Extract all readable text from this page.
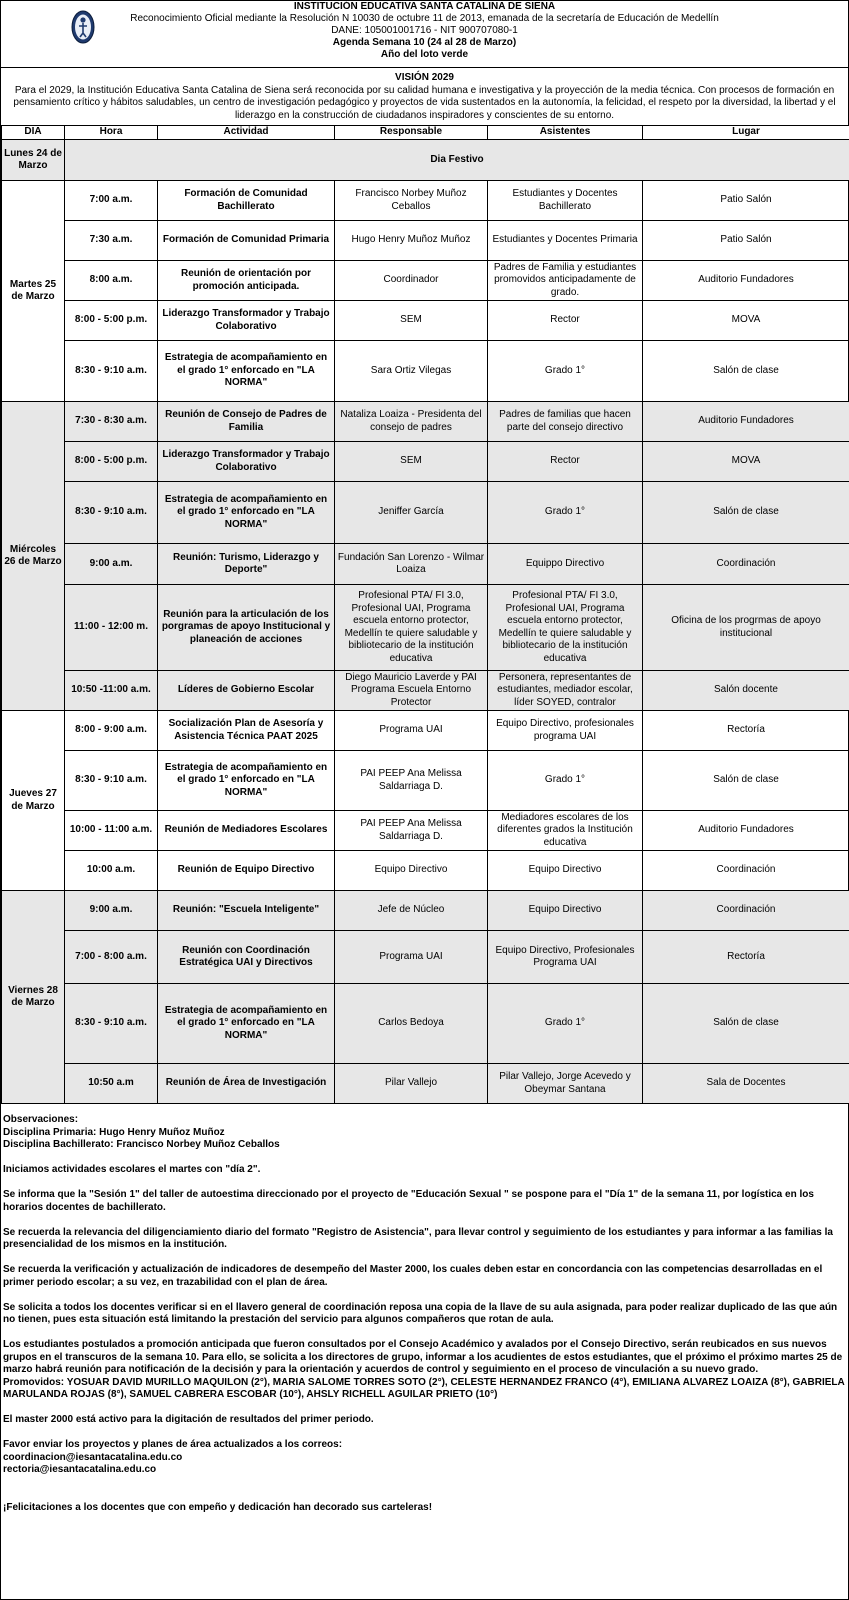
INSTITUCIÓN EDUCATIVA SANTA CATALINA DE SIENA
Reconocimiento Oficial mediante la Resolución N 10030 de octubre 11 de 2013, emanada de la secretaría de Educación de Medellín
DANE: 105001001716 - NIT 900707080-1
Agenda Semana 10 (24 al 28 de Marzo)
Año del loto verde
VISIÓN 2029
Para el 2029, la Institución Educativa Santa Catalina de Siena será reconocida por su calidad humana e investigativa y la proyección de la media técnica. Con procesos de formación en pensamiento crítico y hábitos saludables, un centro de investigación pedagógico y proyectos de vida sustentados en la autonomía, la felicidad, el respeto por la diversidad, la libertad y el liderazgo en la construcción de ciudadanos inspiradores y conscientes de su entorno.
DIA	Hora	Actividad	Responsable	Asistentes	Lugar
Lunes 24 de Marzo	Dia Festivo				
Martes 25 de Marzo	7:00 a.m.	Formación de Comunidad Bachillerato	Francisco Norbey Muñoz Ceballos	Estudiantes y Docentes Bachillerato	Patio Salón
	7:30 a.m.	Formación de Comunidad Primaria	Hugo Henry Muñoz Muñoz	Estudiantes y Docentes Primaria	Patio Salón
	8:00 a.m.	Reunión de orientación por promoción anticipada.	Coordinador	Padres de Familia y estudiantes promovidos anticipadamente de grado.	Auditorio Fundadores
	8:00 - 5:00 p.m.	Liderazgo Transformador y Trabajo Colaborativo	SEM	Rector	MOVA
	8:30 - 9:10 a.m.	Estrategia de acompañamiento en el grado 1° enforcado en "LA NORMA"	Sara Ortiz Vilegas	Grado 1°	Salón de clase
Miércoles 26 de Marzo	7:30 - 8:30 a.m.	Reunión de Consejo de Padres de Familia	Nataliza Loaiza - Presidenta del consejo de padres	Padres de familias que hacen parte del consejo directivo	Auditorio Fundadores
	8:00 - 5:00 p.m.	Liderazgo Transformador y Trabajo Colaborativo	SEM	Rector	MOVA
	8:30 - 9:10 a.m.	Estrategia de acompañamiento en el grado 1° enforcado en "LA NORMA"	Jeniffer García	Grado 1°	Salón de clase
	9:00 a.m.	Reunión: Turismo, Liderazgo y Deporte"	Fundación San Lorenzo - Wilmar Loaiza	Equippo Directivo	Coordinación
	11:00 - 12:00 m.	Reunión para la articulación de los porgramas de apoyo Institucional y planeación de acciones	Profesional PTA/ FI 3.0, Profesional UAI, Programa escuela entorno protector, Medellín te quiere saludable y bibliotecario de la institución educativa	Profesional PTA/ FI 3.0, Profesional UAI, Programa escuela entorno protector, Medellín te quiere saludable y bibliotecario de la institución educativa	Oficina de los progrmas de apoyo institucional
	10:50 -11:00 a.m.	Líderes de Gobierno Escolar	Diego Mauricio Laverde y PAI Programa Escuela Entorno Protector	Personera, representantes de estudiantes, mediador escolar, líder SOYED, contralor	Salón docente
Jueves 27 de Marzo	8:00 - 9:00 a.m.	Socialización Plan de Asesoría y Asistencia Técnica PAAT 2025	Programa UAI	Equipo Directivo, profesionales programa UAI	Rectoría
	8:30 - 9:10 a.m.	Estrategia de acompañamiento en el grado 1° enforcado en "LA NORMA"	PAI PEEP Ana Melissa Saldarriaga D.	Grado 1°	Salón de clase
	10:00 - 11:00 a.m.	Reunión de Mediadores Escolares	PAI PEEP Ana Melissa Saldarriaga D.	Mediadores escolares de los diferentes grados la Institución educativa	Auditorio Fundadores
	10:00 a.m.	Reunión de Equipo Directivo	Equipo Directivo	Equipo Directivo	Coordinación
Viernes 28 de Marzo	9:00 a.m.	Reunión: "Escuela Inteligente"	Jefe de Núcleo	Equipo Directivo	Coordinación
	7:00 - 8:00 a.m.	Reunión con Coordinación Estratégica UAI y Directivos	Programa UAI	Equipo Directivo, Profesionales Programa UAI	Rectoría
	8:30 - 9:10 a.m.	Estrategia de acompañamiento en el grado 1° enforcado en "LA NORMA"	Carlos Bedoya	Grado 1°	Salón de clase
	10:50 a.m	Reunión de Área de Investigación	Pilar Vallejo	Pilar Vallejo, Jorge Acevedo y Obeymar Santana	Sala de Docentes

Observaciones:

Disciplina Primaria: Hugo Henry Muñoz Muñoz

Disciplina Bachillerato: Francisco Norbey Muñoz Ceballos

Iniciamos actividades escolares el martes con "día 2".

Se informa que la "Sesión 1" del taller de autoestima direccionado por el proyecto de "Educación Sexual " se pospone para el "Día 1" de la semana 11, por logística en los horarios docentes de bachillerato.

Se recuerda la relevancia del diligenciamiento diario del formato "Registro de Asistencia", para llevar control y seguimiento de los estudiantes y para informar a las familias la presencialidad de los mismos en la institución.

Se recuerda la verificación y actualización de indicadores de desempeño del Master 2000, los cuales deben estar en concordancia con las competencias desarrolladas en el primer periodo escolar; a su vez, en trazabilidad con el plan de área.

Se solicita a todos los docentes verificar si en el llavero general de coordinación reposa una copia de la llave de su aula asignada, para poder realizar duplicado de las que aún no tienen, pues esta situación está limitando la prestación del servicio para algunos compañeros que rotan de aula.

Los estudiantes postulados a promoción anticipada que fueron consultados por el Consejo Académico y avalados por el Consejo Directivo, serán reubicados en sus nuevos grupos en el transcuros de la semana 10. Para ello, se solicita a los directores de grupo, informar a los acudientes de estos estudiantes, que el próximo el próximo martes 25 de marzo habrá reunión para notificación de la decisión y para la orientación y acuerdos de control y seguimiento en el proceso de vinculación a su nuevo grado.

Promovidos: YOSUAR DAVID MURILLO MAQUILON (2°), MARIA SALOME TORRES SOTO (2°), CELESTE HERNANDEZ FRANCO (4°), EMILIANA ALVAREZ LOAIZA (8°), GABRIELA MARULANDA ROJAS (8°), SAMUEL CABRERA ESCOBAR (10°), AHSLY RICHELL AGUILAR PRIETO (10°)

El master 2000 está activo para la digitación de resultados del primer periodo.

Favor enviar los proyectos y planes de área actualizados a los correos:

coordinacion@iesantacatalina.edu.co

rectoria@iesantacatalina.edu.co

¡Felicitaciones a los docentes que con empeño y dedicación han decorado sus carteleras!
